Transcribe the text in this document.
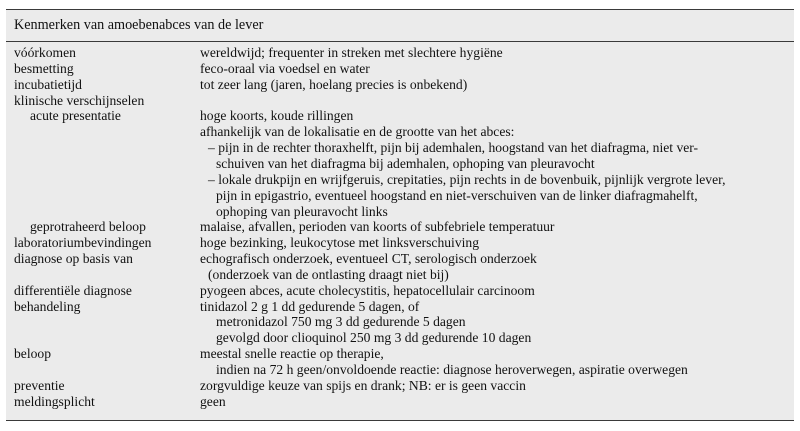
Kenmerken van amoebenabces van de lever
vóórkomen	wereldwijd; frequenter in streken met slechtere hygiëne
besmetting	feco-oraal via voedsel en water
incubatietijd	tot zeer lang (jaren, hoelang precies is onbekend)
klinische verschijnselen
acute presentatie	hoge koorts, koude rillingen
afhankelijk van de lokalisatie en de grootte van het abces:
– pijn in de rechter thoraxhelft, pijn bij ademhalen, hoogstand van het diafragma, niet ver-
schuiven van het diafragma bij ademhalen, ophoping van pleuravocht
– lokale drukpijn en wrijfgeruis, crepitaties, pijn rechts in de bovenbuik, pijnlijk vergrote lever,
pijn in epigastrio, eventueel hoogstand en niet-verschuiven van de linker diafragmahelft,
ophoping van pleuravocht links
geprotraheerd beloop	malaise, afvallen, perioden van koorts of subfebriele temperatuur
laboratoriumbevindingen	hoge bezinking, leukocytose met linksverschuiving
diagnose op basis van	echografisch onderzoek, eventueel CT, serologisch onderzoek
(onderzoek van de ontlasting draagt niet bij)
differentiële diagnose	pyogeen abces, acute cholecystitis, hepatocellulair carcinoom
behandeling	tinidazol 2 g 1 dd gedurende 5 dagen, of
metronidazol 750 mg 3 dd gedurende 5 dagen
gevolgd door clioquinol 250 mg 3 dd gedurende 10 dagen
beloop	meestal snelle reactie op therapie,
indien na 72 h geen/onvoldoende reactie: diagnose heroverwegen, aspiratie overwegen
preventie	zorgvuldige keuze van spijs en drank; NB: er is geen vaccin
meldingsplicht	geen
